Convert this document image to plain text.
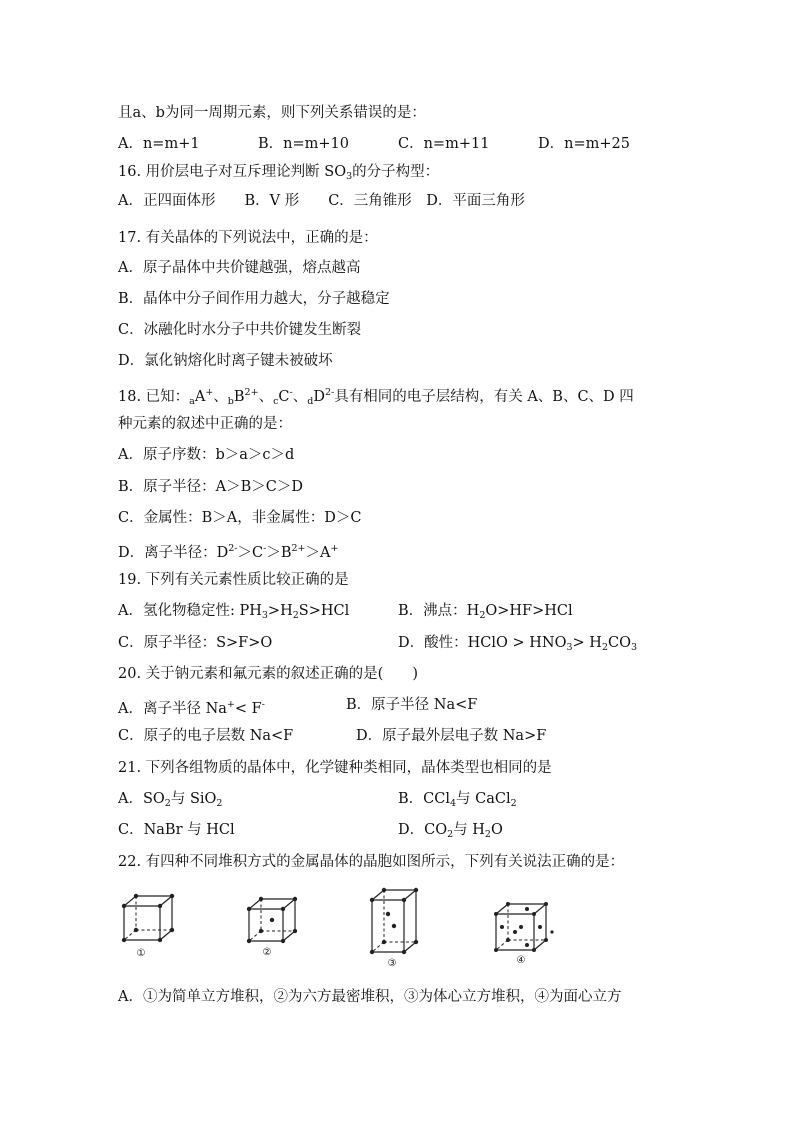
且a、b为同一周期元素，则下列关系错误的是：
A．n=m+1	B．n=m+10	C．n=m+11	D．n=m+25
16. 用价层电子对互斥理论判断 $SO_3$的分子构型：
A．正四面体形　　B．V 形　　C．三角锥形　D．平面三角形
17. 有关晶体的下列说法中，正确的是：
A．原子晶体中共价键越强，熔点越高
B．晶体中分子间作用力越大，分子越稳定
C．冰融化时水分子中共价键发生断裂
D．氯化钠熔化时离子键未被破坏
18. 已知：$_a$A+、$_bB^{2+}$、$_c$C-、$_dD^{2-}$具有相同的电子层结构，有关 A、B、C、D 四
种元素的叙述中正确的是：
A．原子序数：b＞a＞c＞d
B．原子半径：A＞B＞C＞D
C．金属性：B＞A，非金属性：D＞C
D．离子半径：$D^{2-}>C^->B^{2+}>A^+$
19. 下列有关元素性质比较正确的是
A．氢化物稳定性: $PH_3>H_2S>HCl$	B．沸点：$H_2O>HF>HCl$
C．原子半径：S>F>O	D．酸性：HClO > $HNO_3> H_2CO_3$
20. 关于钠元素和氟元素的叙述正确的是(　　)
A．离子半径 Na+< F-	B．原子半径 Na<F
C．原子的电子层数 Na<F	D．原子最外层电子数 Na>F
21. 下列各组物质的晶体中，化学键种类相同，晶体类型也相同的是
A．$SO_2$与 SiO$_2$	B．CCl$_4$与 CaCl$_2$
C．NaBr 与 HCl	D．$CO_2$与 $H_2O$
22. 有四种不同堆积方式的金属晶体的晶胞如图所示，下列有关说法正确的是：
①	②
③	④
A．①为简单立方堆积，②为六方最密堆积，③为体心立方堆积，④为面心立方
